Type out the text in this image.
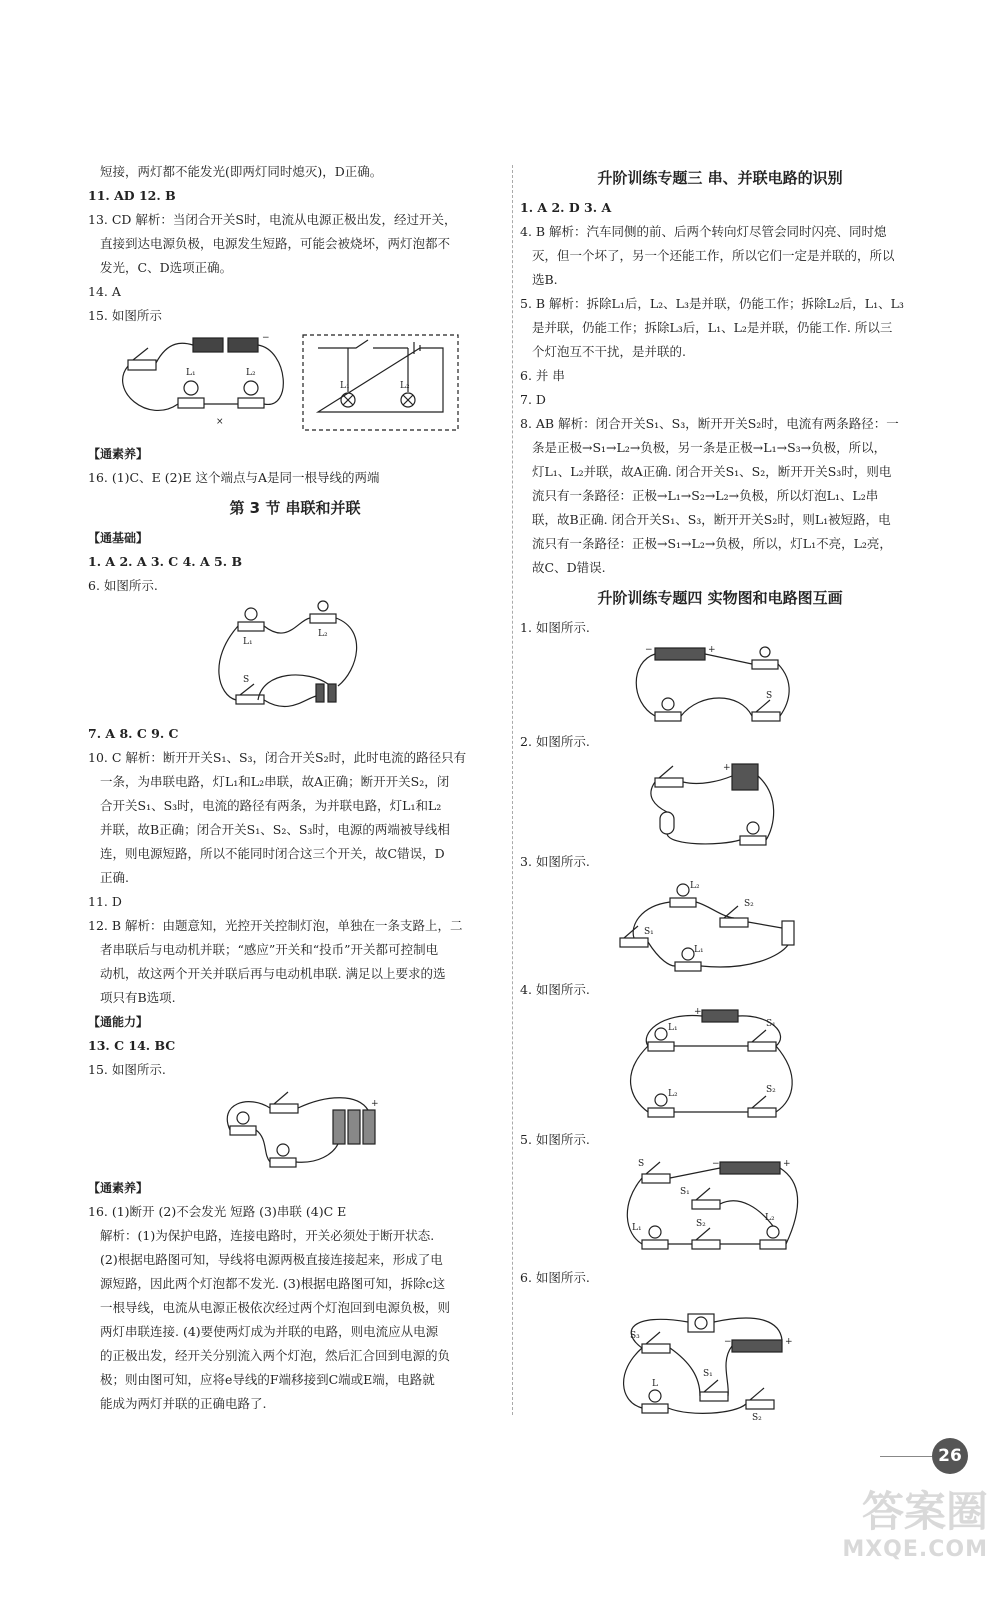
短接，两灯都不能发光(即两灯同时熄灭)，D正确。

11. AD 12. B

13. CD 解析：当闭合开关S时，电流从电源正极出发，经过开关，

直接到达电源负极，电源发生短路，可能会被烧坏，两灯泡都不

发光，C、D选项正确。

14. A

15. 如图所示

L₁	L₂
L₁	L₂
−
×

【通素养】

16. (1)C、E (2)E 这个端点与A是同一根导线的两端

第 3 节 串联和并联

【通基础】

1. A 2. A 3. C 4. A 5. B

6. 如图所示.

L₁
L₂
S

7. A 8. C 9. C

10. C 解析：断开开关S₁、S₃，闭合开关S₂时，此时电流的路径只有

一条，为串联电路，灯L₁和L₂串联，故A正确；断开开关S₂，闭

合开关S₁、S₃时，电流的路径有两条，为并联电路，灯L₁和L₂

并联，故B正确；闭合开关S₁、S₂、S₃时，电源的两端被导线相

连，则电源短路，所以不能同时闭合这三个开关，故C错误，D

正确.

11. D

12. B 解析：由题意知，光控开关控制灯泡，单独在一条支路上，二

者串联后与电动机并联；“感应”开关和“投币”开关都可控制电

动机，故这两个开关并联后再与电动机串联. 满足以上要求的选

项只有B选项.

【通能力】

13. C 14. BC

15. 如图所示.

+

【通素养】

16. (1)断开 (2)不会发光 短路 (3)串联 (4)C E

解析：(1)为保护电路，连接电路时，开关必须处于断开状态.

(2)根据电路图可知，导线将电源两极直接连接起来，形成了电

源短路，因此两个灯泡都不发光. (3)根据电路图可知，拆除c这

一根导线，电流从电源正极依次经过两个灯泡回到电源负极，则

两灯串联连接. (4)要使两灯成为并联的电路，则电流应从电源

的正极出发，经开关分别流入两个灯泡，然后汇合回到电源的负

极；则由图可知，应将e导线的F端移接到C端或E端，电路就

能成为两灯并联的正确电路了.

升阶训练专题三 串、并联电路的识别

1. A 2. D 3. A

4. B 解析：汽车同侧的前、后两个转向灯尽管会同时闪亮、同时熄

灭，但一个坏了，另一个还能工作，所以它们一定是并联的，所以

选B.

5. B 解析：拆除L₁后，L₂、L₃是并联，仍能工作；拆除L₂后，L₁、L₃

是并联，仍能工作；拆除L₃后，L₁、L₂是并联，仍能工作. 所以三

个灯泡互不干扰，是并联的.

6. 并 串

7. D

8. AB 解析：闭合开关S₁、S₃，断开开关S₂时，电流有两条路径：一

条是正极→S₁→L₂→负极，另一条是正极→L₁→S₃→负极，所以，

灯L₁、L₂并联，故A正确. 闭合开关S₁、S₂，断开开关S₃时，则电

流只有一条路径：正极→L₁→S₂→L₂→负极，所以灯泡L₁、L₂串

联，故B正确. 闭合开关S₁、S₃，断开开关S₂时，则L₁被短路，电

流只有一条路径：正极→S₁→L₂→负极，所以，灯L₁不亮，L₂亮，

故C、D错误.

升阶训练专题四 实物图和电路图互画

1. 如图所示.

−	+
S

2. 如图所示.

+

3. 如图所示.

L₂
S₁
S₂
L₁

4. 如图所示.

+
L₁	S₁
L₂	S₂

5. 如图所示.

S	−	+
S₁
L₁	S₂
L₂

6. 如图所示.

S₃
−	+
S₁
L
S₂
26
答案圈
MXQE.COM
